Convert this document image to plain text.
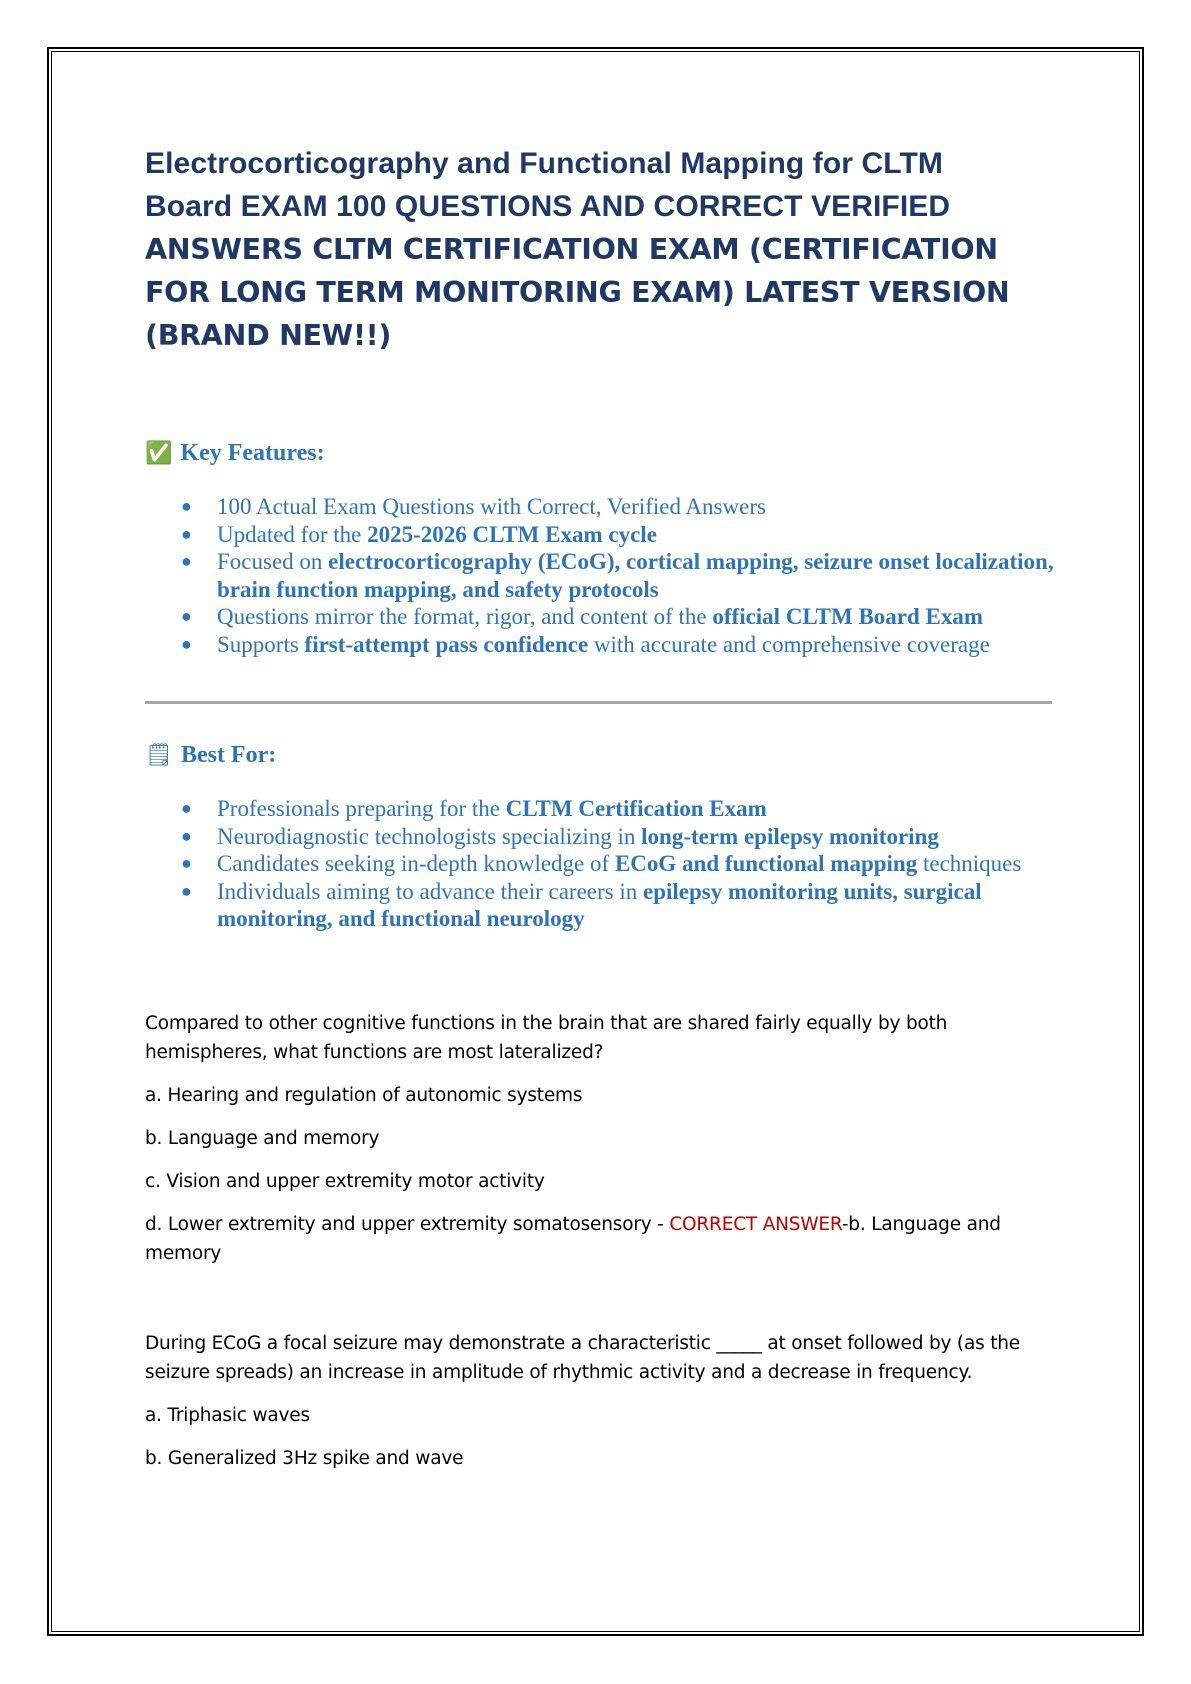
Electrocorticography and Functional Mapping for CLTM

Board EXAM 100 QUESTIONS AND CORRECT VERIFIED

ANSWERS CLTM CERTIFICATION EXAM (CERTIFICATION

FOR LONG TERM MONITORING EXAM) LATEST VERSION

(BRAND NEW!!)

✅ Key Features:
● 100 Actual Exam Questions with Correct, Verified Answers
● Updated for the 2025-2026 CLTM Exam cycle
● Focused on electrocorticography (ECoG), cortical mapping, seizure onset localization, brain function mapping, and safety protocols
● Questions mirror the format, rigor, and content of the official CLTM Board Exam
● Supports first-attempt pass confidence with accurate and comprehensive coverage
🗒 Best For:
● Professionals preparing for the CLTM Certification Exam
● Neurodiagnostic technologists specializing in long-term epilepsy monitoring
● Candidates seeking in-depth knowledge of ECoG and functional mapping techniques
● Individuals aiming to advance their careers in epilepsy monitoring units, surgical monitoring, and functional neurology

Compared to other cognitive functions in the brain that are shared fairly equally by both hemispheres, what functions are most lateralized?

a. Hearing and regulation of autonomic systems

b. Language and memory

c. Vision and upper extremity motor activity

d. Lower extremity and upper extremity somatosensory - CORRECT ANSWER-b. Language and memory

During ECoG a focal seizure may demonstrate a characteristic _____ at onset followed by (as the seizure spreads) an increase in amplitude of rhythmic activity and a decrease in frequency.

a. Triphasic waves

b. Generalized 3Hz spike and wave
